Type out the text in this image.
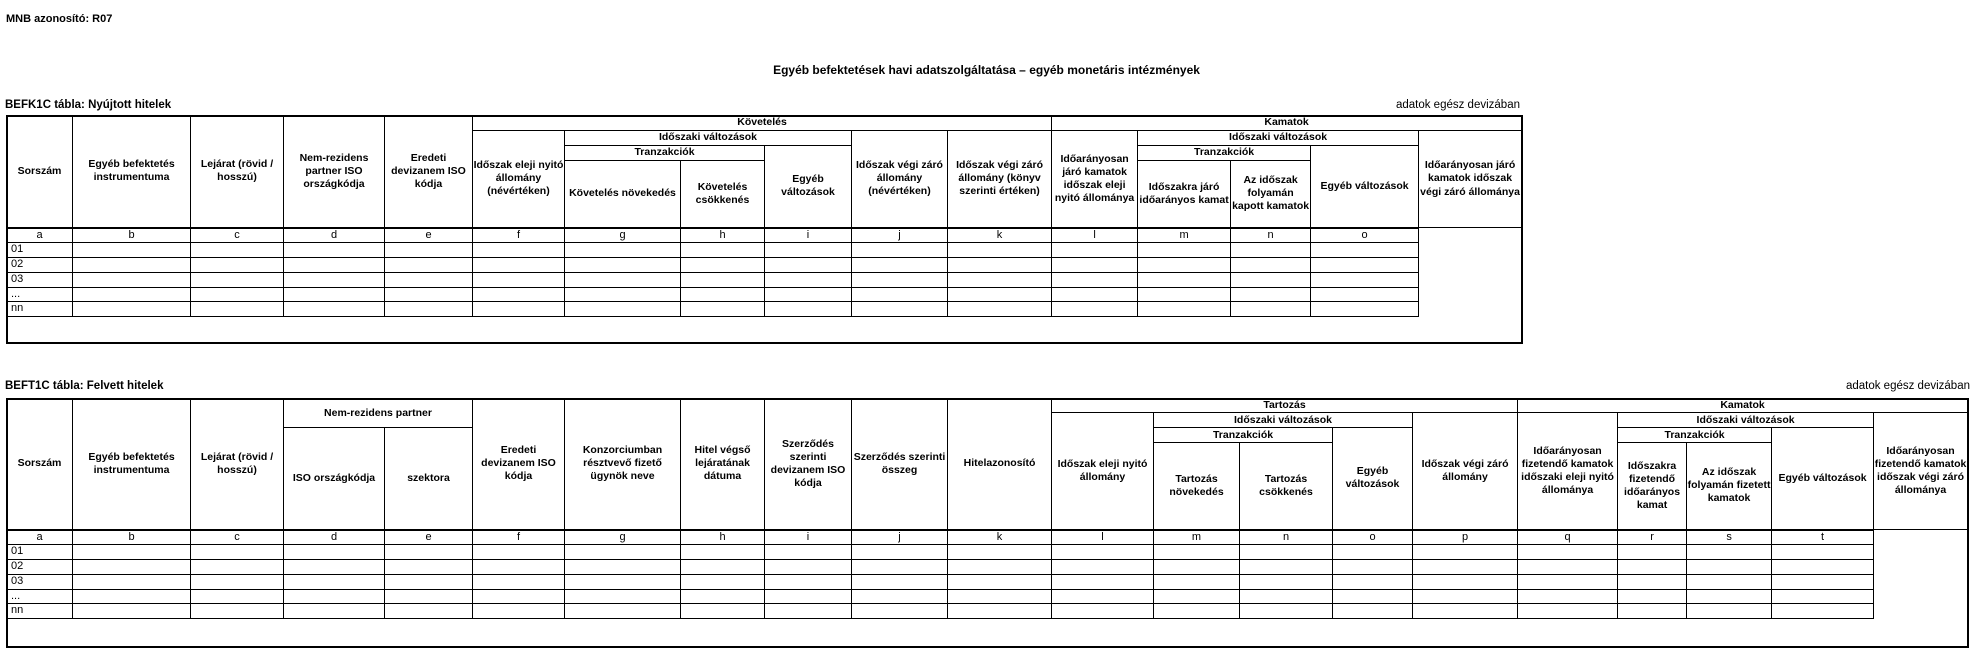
MNB azonosító: R07
Egyéb befektetések havi adatszolgáltatása – egyéb monetáris intézmények
BEFK1C tábla: Nyújtott hitelek	adatok egész devizában
Sorszám	Egyéb befektetés instrumentuma	Lejárat (rövid / hosszú)	Nem-rezidens partner ISO országkódja	Eredeti devizanem ISO kódja	Követelés						Kamatok				
					Időszak eleji nyitó állomány (névértéken)	Időszaki változások			Időszak végi záró állomány (névértéken)	Időszak végi záró állomány (könyv szerinti értéken)	Időarányosan járó kamatok időszak eleji nyitó állománya	Időszaki változások			Időarányosan járó kamatok időszak végi záró állománya
						Tranzakciók		Egyéb változások				Tranzakciók		Egyéb változások	
						Követelés növekedés	Követelés csökkenés					Időszakra járó időarányos kamat	Az időszak folyamán kapott kamatok		
a	b	c	d	e	f	g	h	i	j	k	l	m	n	o	
01															
02															
03															
...															
nn															
BEFT1C tábla: Felvett hitelek	adatok egész devizában
Sorszám	Egyéb befektetés instrumentuma	Lejárat (rövid / hosszú)	Nem-rezidens partner		Eredeti devizanem ISO kódja	Konzorciumban résztvevő fizető ügynök neve	Hitel végső lejáratának dátuma	Szerződés szerinti devizanem ISO kódja	Szerződés szerinti összeg	Hitelazonosító	Tartozás					Kamatok				
											Időszak eleji nyitó állomány	Időszaki változások			Időszak végi záró állomány	Időarányosan fizetendő kamatok időszaki eleji nyitó állománya	Időszaki változások			Időarányosan fizetendő kamatok időszak végi záró állománya
			ISO országkódja	szektora								Tranzakciók		Egyéb változások			Tranzakciók		Egyéb változások	
												Tartozás növekedés	Tartozás csökkenés				Időszakra fizetendő időarányos kamat	Az időszak folyamán fizetett kamatok		
a	b	c	d	e	f	g	h	i	j	k	l	m	n	o	p	q	r	s	t	
01																				
02																				
03																				
...																				
nn																				
